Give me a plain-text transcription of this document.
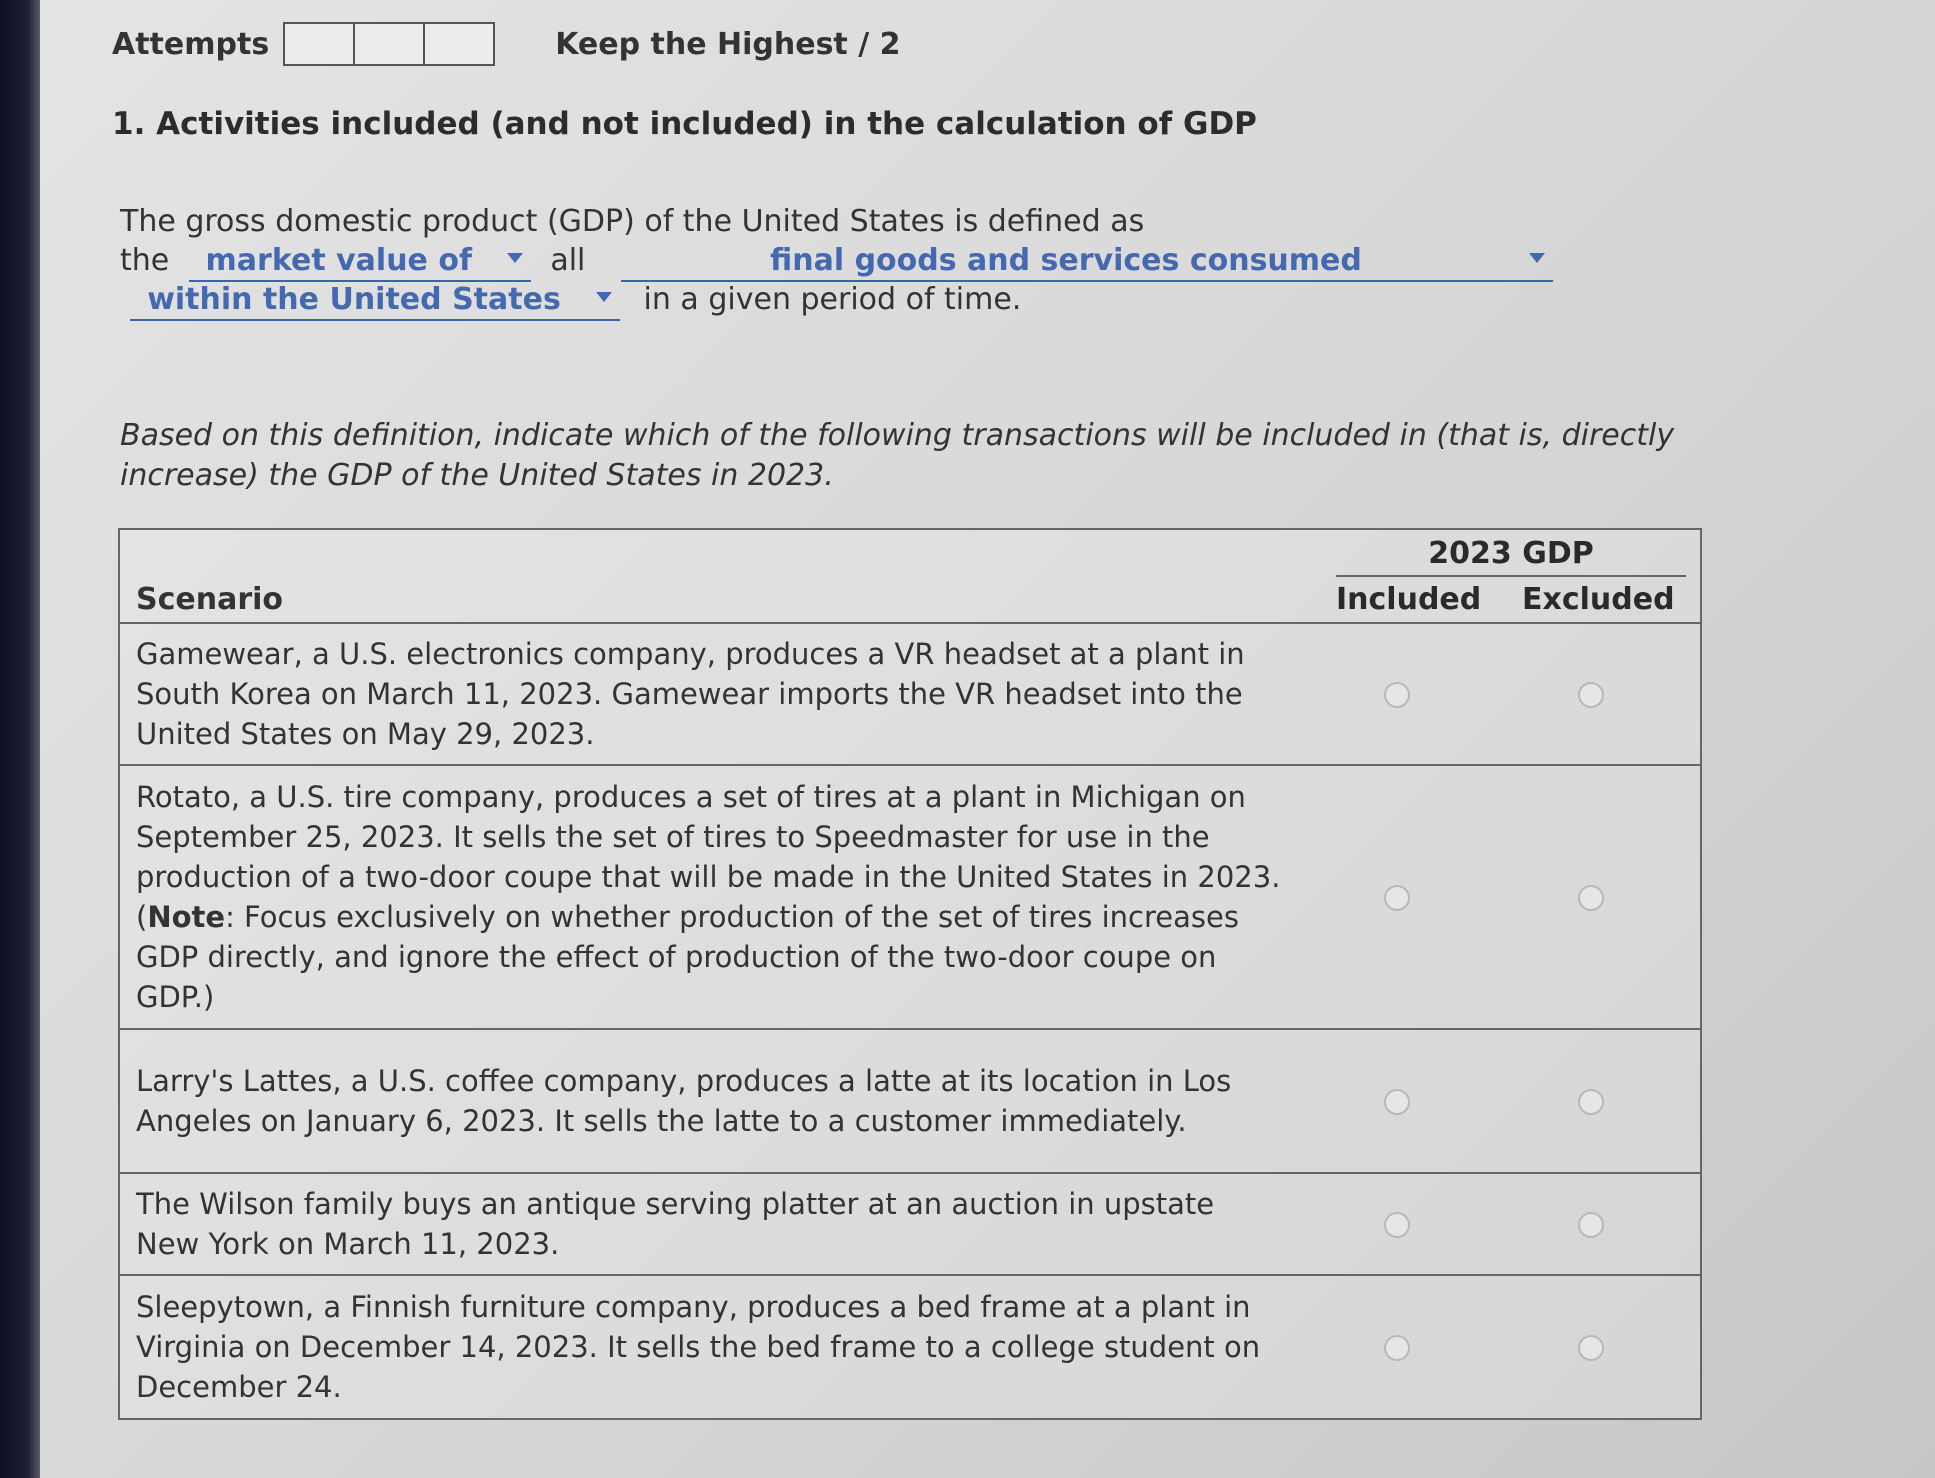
Attempts	Keep the Highest / 2
1. Activities included (and not included) in the calculation of GDP
The gross domestic product (GDP) of the United States is defined as
the market value of	all	final goods and services consumed
within the United States	in a given period of time.
Based on this definition, indicate which of the following transactions will be included in (that is, directly increase) the GDP of the United States in 2023.
2023 GDP
Scenario	Included Excluded
Gamewear, a U.S. electronics company, produces a VR headset at a plant in South Korea on March 11, 2023. Gamewear imports the VR headset into the United States on May 29, 2023.
Rotato, a U.S. tire company, produces a set of tires at a plant in Michigan on September 25, 2023. It sells the set of tires to Speedmaster for use in the production of a two-door coupe that will be made in the United States in 2023. (Note: Focus exclusively on whether production of the set of tires increases GDP directly, and ignore the effect of production of the two-door coupe on GDP.)
Larry's Lattes, a U.S. coffee company, produces a latte at its location in Los Angeles on January 6, 2023. It sells the latte to a customer immediately.
The Wilson family buys an antique serving platter at an auction in upstate New York on March 11, 2023.
Sleepytown, a Finnish furniture company, produces a bed frame at a plant in Virginia on December 14, 2023. It sells the bed frame to a college student on December 24.
